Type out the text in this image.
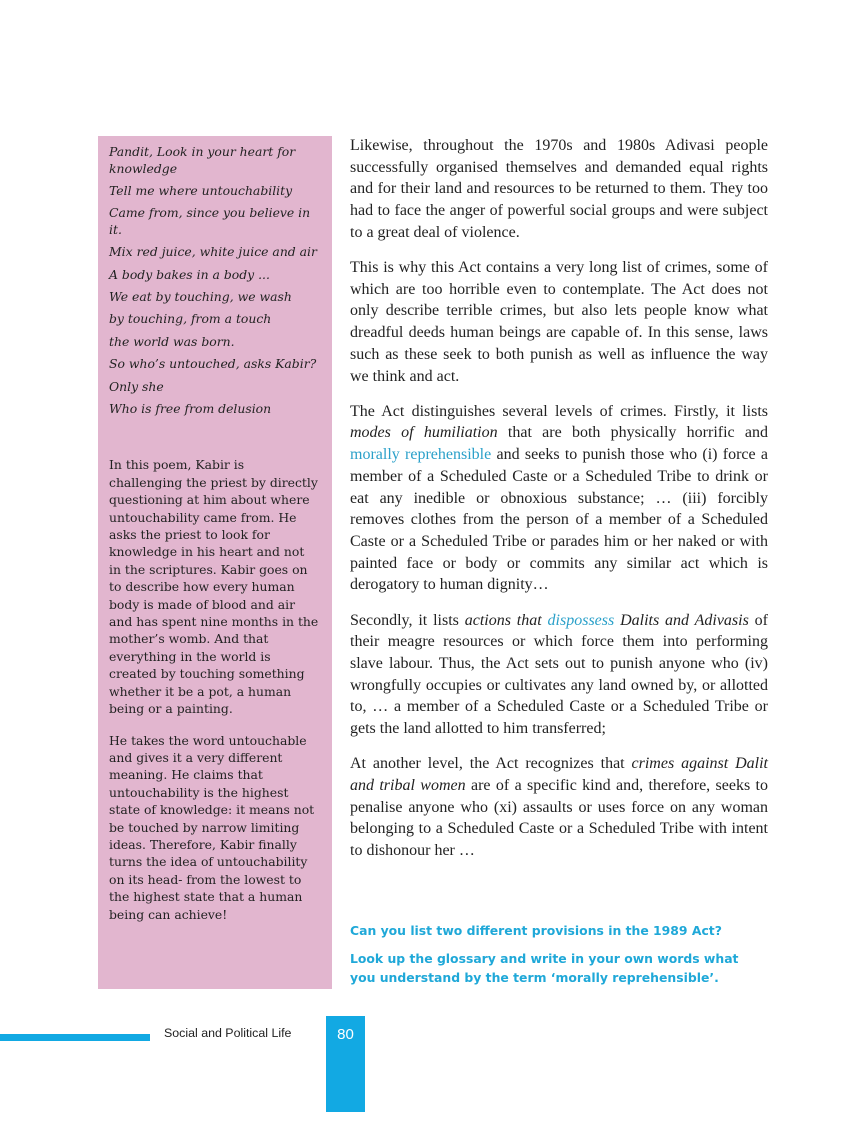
Pandit, Look in your heart for knowledge

Tell me where untouchability

Came from, since you believe in it.

Mix red juice, white juice and air

A body bakes in a body ...

We eat by touching, we wash

by touching, from a touch

the world was born.

So who’s untouched, asks Kabir?

Only she

Who is free from delusion

In this poem, Kabir is challenging the priest by directly questioning at him about where untouchability came from. He asks the priest to look for knowledge in his heart and not in the scriptures. Kabir goes on to describe how every human body is made of blood and air and has spent nine months in the mother’s womb. And that everything in the world is created by touching something whether it be a pot, a human being or a painting.

He takes the word untouchable and gives it a very different meaning. He claims that untouchability is the highest state of knowledge: it means not be touched by narrow limiting ideas. Therefore, Kabir finally turns the idea of untouchability on its head- from the lowest to the highest state that a human being can achieve!

Likewise, throughout the 1970s and 1980s Adivasi people successfully organised themselves and demanded equal rights and for their land and resources to be returned to them. They too had to face the anger of powerful social groups and were subject to a great deal of violence.

This is why this Act contains a very long list of crimes, some of which are too horrible even to contemplate. The Act does not only describe terrible crimes, but also lets people know what dreadful deeds human beings are capable of. In this sense, laws such as these seek to both punish as well as influence the way we think and act.

The Act distinguishes several levels of crimes. Firstly, it lists modes of humiliation that are both physically horrific and morally reprehensible and seeks to punish those who (i) force a member of a Scheduled Caste or a Scheduled Tribe to drink or eat any inedible or obnoxious substance; … (iii) forcibly removes clothes from the person of a member of a Scheduled Caste or a Scheduled Tribe or parades him or her naked or with painted face or body or commits any similar act which is derogatory to human dignity…

Secondly, it lists actions that dispossess Dalits and Adivasis of their meagre resources or which force them into performing slave labour. Thus, the Act sets out to punish anyone who (iv) wrongfully occupies or cultivates any land owned by, or allotted to, … a member of a Scheduled Caste or a Scheduled Tribe or gets the land allotted to him transferred;

At another level, the Act recognizes that crimes against Dalit and tribal women are of a specific kind and, therefore, seeks to penalise anyone who (xi) assaults or uses force on any woman belonging to a Scheduled Caste or a Scheduled Tribe with intent to dishonour her …

Can you list two different provisions in the 1989 Act?

Look up the glossary and write in your own words what you understand by the term ‘morally reprehensible’.

Social and Political Life	80
